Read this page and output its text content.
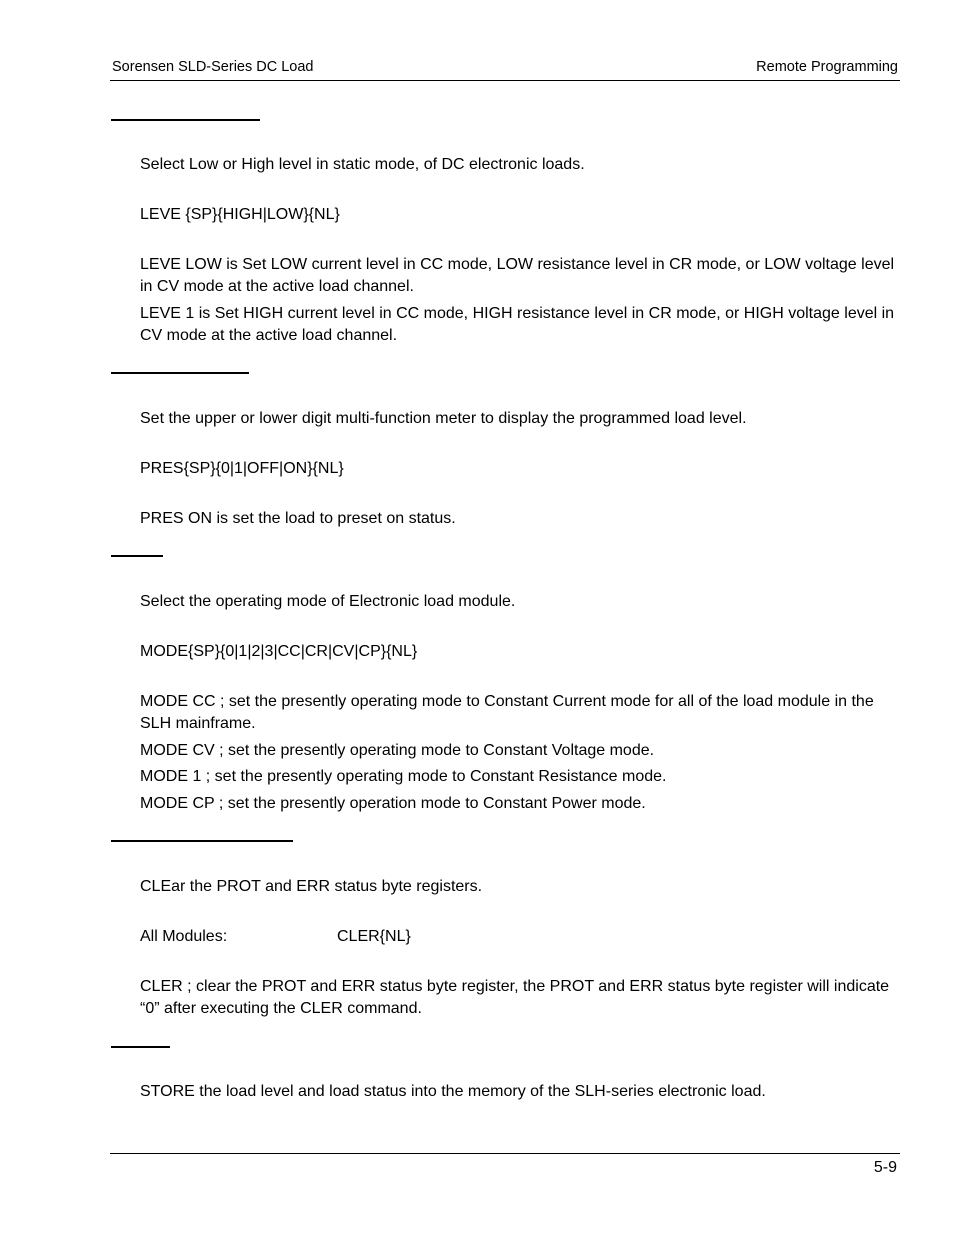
Sorensen SLD-Series DC Load	Remote Programming
Select Low or High level in static mode, of DC electronic loads.
LEVE {SP}{HIGH|LOW}{NL}
LEVE LOW is Set LOW current level in CC mode, LOW resistance level in CR mode, or LOW voltage level in CV mode at the active load channel.
LEVE 1 is Set HIGH current level in CC mode, HIGH resistance level in CR mode, or HIGH voltage level in CV mode at the active load channel.
Set the upper or lower digit multi-function meter to display the programmed load level.
PRES{SP}{0|1|OFF|ON}{NL}
PRES ON is set the load to preset on status.
Select the operating mode of Electronic load module.
MODE{SP}{0|1|2|3|CC|CR|CV|CP}{NL}
MODE CC ; set the presently operating mode to Constant Current mode for all of the load module in the SLH mainframe.
MODE CV ; set the presently operating mode to Constant Voltage mode.
MODE 1 ; set the presently operating mode to Constant Resistance mode.
MODE CP ; set the presently operation mode to Constant Power mode.
CLEar the PROT and ERR status byte registers.
All Modules:	CLER{NL}
CLER ; clear the PROT and ERR status byte register, the PROT and ERR status byte register will indicate “0” after executing the CLER command.
STORE the load level and load status into the memory of the SLH-series electronic load.
5-9
